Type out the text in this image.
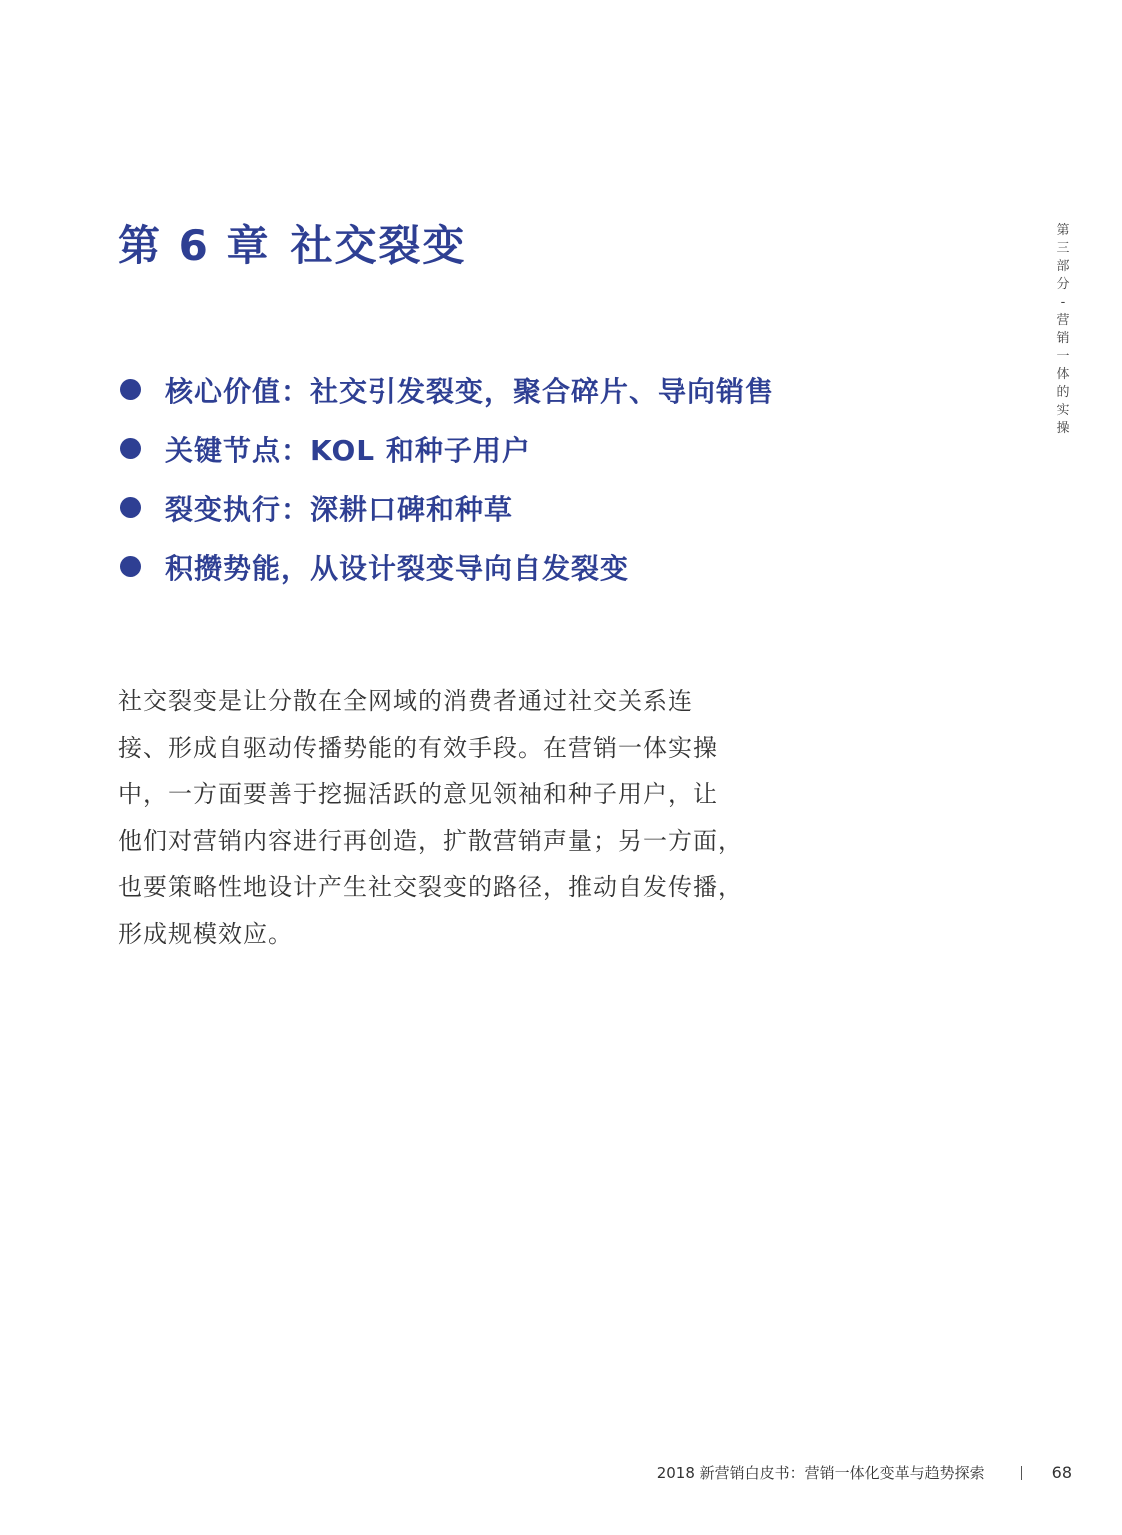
第 6 章 社交裂变	第
三
部
分
-
营
销
一
体
的
实
操
核心价值：社交引发裂变，聚合碎片、导向销售
关键节点：KOL 和种子用户
裂变执行：深耕口碑和种草
积攒势能，从设计裂变导向自发裂变

社交裂变是让分散在全网域的消费者通过社交关系连
接、形成自驱动传播势能的有效手段。在营销一体实操
中，一方面要善于挖掘活跃的意见领袖和种子用户，让
他们对营销内容进行再创造，扩散营销声量；另一方面，
也要策略性地设计产生社交裂变的路径，推动自发传播，
形成规模效应。

2018 新营销白皮书：营销一体化变革与趋势探索	68
